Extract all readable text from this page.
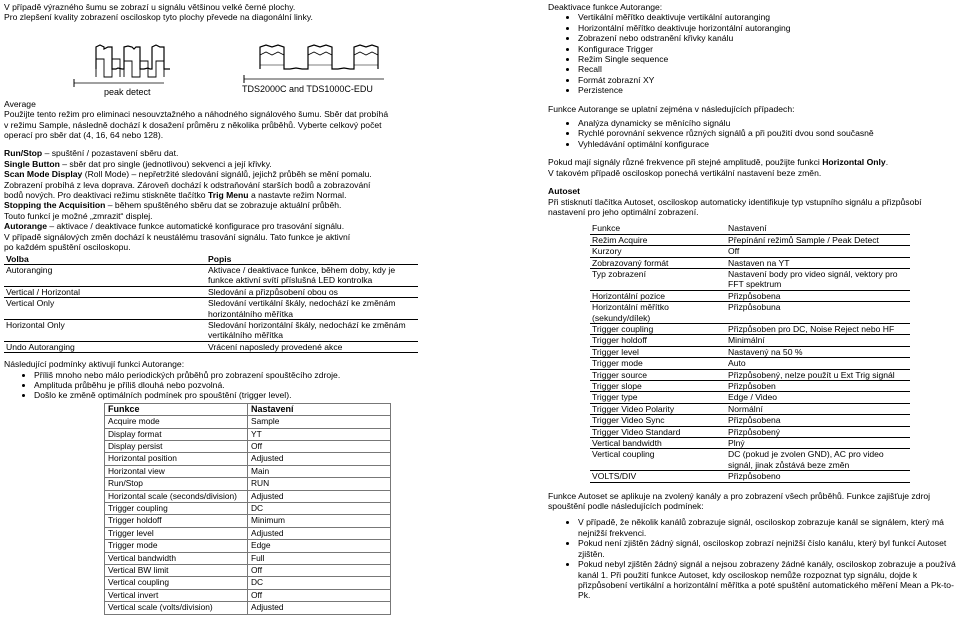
V případě výrazného šumu se zobrazí u signálu většinou velké černé plochy.

Pro zlepšení kvality zobrazení osciloskop tyto plochy převede na diagonální linky.

peak detect	TDS2000C and TDS1000C-EDU

Average

Použijte tento režim pro eliminaci nesouvztažného a náhodného signálového šumu. Sběr dat probíhá

v režimu Sample, následně dochází k dosažení průměru z několika průběhů. Vyberte celkový počet

operací pro sběr dat (4, 16, 64 nebo 128).

Run/Stop – spuštění / pozastavení sběru dat.

Single Button – sběr dat pro single (jednotlivou) sekvenci a její křivky.

Scan Mode Display (Roll Mode) – nepřetržité sledování signálů, jejichž průběh se mění pomalu.

Zobrazení probíhá z leva doprava. Zároveň dochází k odstraňování starších bodů a zobrazování

bodů nových. Pro deaktivaci režimu stiskněte tlačítko Trig Menu a nastavte režim Normal.

Stopping the Acquisition – během spuštěného sběru dat se zobrazuje aktuální průběh.

Touto funkcí je možné „zmrazit“ displej.

Autorange – aktivace / deaktivace funkce automatické konfigurace pro trasování signálu.

V případě signálových změn dochází k neustálému trasování signálu. Tato funkce je aktivní

po každém spuštění osciloskopu.

Volba	Popis
Autoranging	Aktivace / deaktivace funkce, během doby, kdy je funkce aktivní svítí příslušná LED kontrolka
Vertical / Horizontal	Sledování a přizpůsobení obou os
Vertical Only	Sledování vertikální škály, nedochází ke změnám horizontálního měřítka
Horizontal Only	Sledování horizontální škály, nedochází ke změnám vertikálního měřítka
Undo Autoranging	Vrácení naposledy provedené akce

Následující podmínky aktivují funkci Autorange:

• Příliš mnoho nebo málo periodických průběhů pro zobrazení spouštěcího zdroje.
• Amplituda průběhu je příliš dlouhá nebo pozvolná.
• Došlo ke změně optimálních podmínek pro spouštění (trigger level).
Funkce	Nastavení
Acquire mode	Sample
Display format	YT
Display persist	Off
Horizontal position	Adjusted
Horizontal view	Main
Run/Stop	RUN
Horizontal scale (seconds/division)	Adjusted
Trigger coupling	DC
Trigger holdoff	Minimum
Trigger level	Adjusted
Trigger mode	Edge
Vertical bandwidth	Full
Vertical BW limit	Off
Vertical coupling	DC
Vertical invert	Off
Vertical scale (volts/division)	Adjusted

Deaktivace funkce Autorange:

• Vertikální měřítko deaktivuje vertikální autoranging
• Horizontální měřítko deaktivuje horizontální autoranging
• Zobrazení nebo odstranění křivky kanálu
• Konfigurace Trigger
• Režim Single sequence
• Recall
• Formát zobrazní XY
• Perzistence

Funkce Autorange se uplatní zejména v následujících případech:

• Analýza dynamicky se měnícího signálu
• Rychlé porovnání sekvence různých signálů a při použití dvou sond současně
• Vyhledávání optimální konfigurace

Pokud mají signály různé frekvence při stejné amplitudě, použijte funkci Horizontal Only.

V takovém případě osciloskop ponechá vertikální nastavení beze změn.

Autoset

Při stisknutí tlačítka Autoset, osciloskop automaticky identifikuje typ vstupního signálu a přizpůsobí

nastavení pro jeho optimální zobrazení.

Funkce	Nastavení
Režim Acquire	Přepínání režimů Sample / Peak Detect
Kurzory	Off
Zobrazovaný formát	Nastaven na YT
Typ zobrazení	Nastavení body pro video signál, vektory pro FFT spektrum
Horizontální pozice	Přizpůsobena
Horizontální měřítko (sekundy/dílek)	Přizpůsobuna
Trigger coupling	Přizpůsoben pro DC, Noise Reject nebo HF
Trigger holdoff	Minimální
Trigger level	Nastavený na 50 %
Trigger mode	Auto
Trigger source	Přizpůsobený, nelze použít u Ext Trig signál
Trigger slope	Přizpůsoben
Trigger type	Edge / Video
Trigger Video Polarity	Normální
Trigger Video Sync	Přizpůsobena
Trigger Video Standard	Přizpůsobený
Vertical bandwidth	Plný
Vertical coupling	DC (pokud je zvolen GND), AC pro video signál, jinak zůstává beze změn
VOLTS/DIV	Přizpůsobeno

Funkce Autoset se aplikuje na zvolený kanály a pro zobrazení všech průběhů. Funkce zajišťuje zdroj

spouštění podle následujících podmínek:

• V případě, že několik kanálů zobrazuje signál, osciloskop zobrazuje kanál se signálem, který má nejnižší frekvenci.
• Pokud není zjištěn žádný signál, osciloskop zobrazí nejnižší číslo kanálu, který byl funkcí Autoset zjištěn.
• Pokud nebyl zjištěn žádný signál a nejsou zobrazeny žádné kanály, osciloskop zobrazuje a používá kanál 1. Při použití funkce Autoset, kdy osciloskop nemůže rozpoznat typ signálu, dojde k přizpůsobení vertikální a horizontální měřítka a poté spuštění automatického měření Mean a Pk-to-Pk.
